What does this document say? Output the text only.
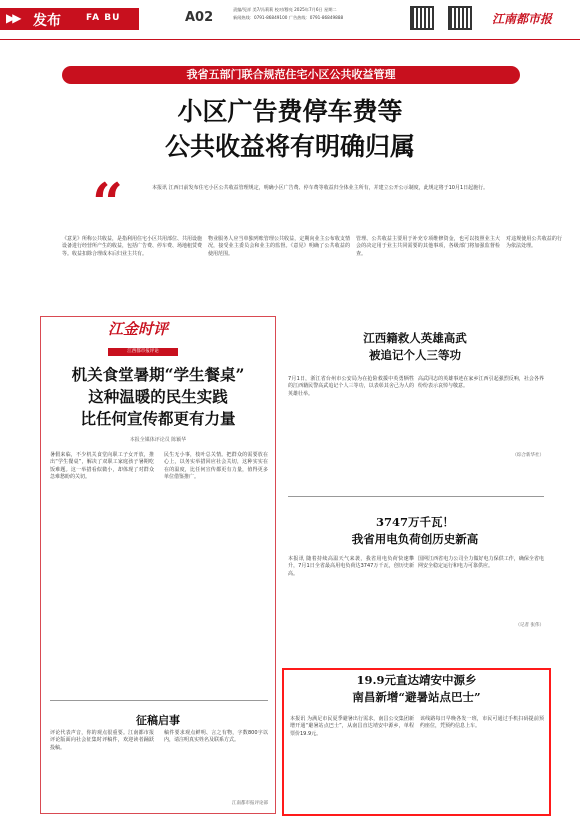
▶▶ 发布	FA BU	A02
责编/见祥 美7/冯莉莉 校对/穆亮 2025年7月6日 星期二
新闻热线：0791-86849100 广告热线：0791-86849888	江南都市报
我省五部门联合规范住宅小区公共收益管理
小区广告费停车费等
公共收益将有明确归属
“	本报讯 江西日前发布住宅小区公共收益管理规定，明确小区广告费、停车费等收益归全体业主所有，并建立公开公示制度，此规定将于10月1日起施行。
《意见》所称公共收益，是指利用住宅小区共用部位、共用设施设备进行经营所产生的收益，包括广告费、停车费、场地租赁费等。收益扣除合理成本后归业主共有。
物业服务人应当单独列账管理公共收益，定期向业主公布收支情况，接受业主委员会和业主的监督。《意见》明确了公共收益的使用范围。
管理、公共收益主要用于补充专项维修资金，也可以按照业主大会的决定用于业主共同需要的其他事项，各级部门将加强监督检查。
对违规使用公共收益的行为依法处理。
江金时评
江西都市报评论
机关食堂暑期“学生餐桌”
这种温暖的民生实践
比任何宣传都更有力量
本报全媒体评论员 陈颖华
暑假来临，不少机关食堂向职工子女开放，推出“学生餐桌”，解决了双职工家庭孩子暑期吃饭难题。这一举措看似微小，却体现了对群众急难愁盼的关切。
民生无小事，枝叶总关情。把群众的需要放在心上，以务实举措回应社会关切，这种实实在在的温度，比任何宣传都更有力量，值得更多单位借鉴推广。
征稿启事
评论代表声音，你的观点很重要。江南都市报评论版面向社会征集时评稿件，欢迎读者踊跃投稿。
稿件要求观点鲜明、言之有物，字数800字以内，请注明真实姓名及联系方式。
江南都市报评论部
江西籍救人英雄高武
被追记个人三等功
7月1日，浙江省台州市公安局为在抢险救援中英勇牺牲的江西籍民警高武追记个人三等功，以表彰其舍己为人的英雄壮举。
高武同志的英雄事迹在家乡江西引起强烈反响，社会各界纷纷表示哀悼与敬意。
（综合新华社）
3747万千瓦！
我省用电负荷创历史新高
本报讯 随着持续高温天气来袭，我省用电负荷快速攀升，7月1日全省最高用电负荷达3747万千瓦，创历史新高。
国网江西省电力公司全力做好电力保供工作，确保全省电网安全稳定运行和电力可靠供应。
（记者 张伟）
19.9元直达靖安中源乡
南昌新增“避暑站点巴士”
本报讯 为满足市民夏季避暑出行需求，南昌公交集团新增开通“避暑站点巴士”，从南昌直达靖安中源乡，单程票价19.9元。
该线路每日早晚各发一班，市民可通过手机扫码提前预约座位，凭预约信息上车。
